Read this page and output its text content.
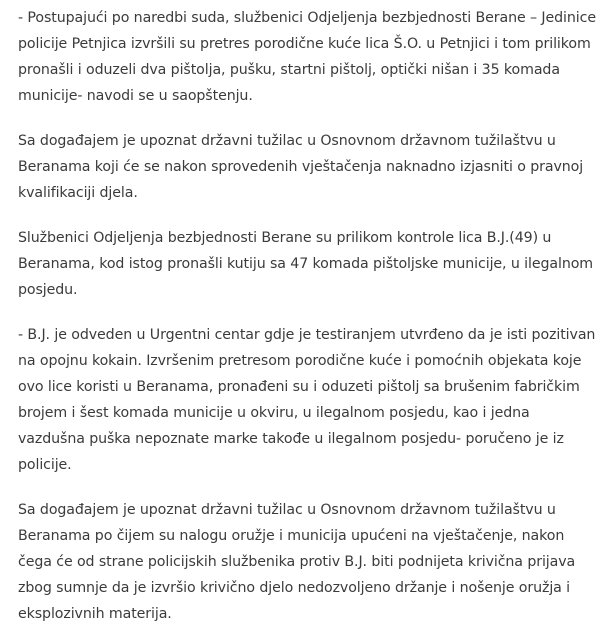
- Postupajući po naredbi suda, službenici Odjeljenja bezbjednosti Berane – Jedinice policije Petnjica izvršili su pretres porodične kuće lica Š.O. u Petnjici i tom prilikom pronašli i oduzeli dva pištolja, pušku, startni pištolj, optički nišan i 35 komada municije- navodi se u saopštenju.

Sa događajem je upoznat državni tužilac u Osnovnom državnom tužilaštvu u Beranama koji će se nakon sprovedenih vještačenja naknadno izjasniti o pravnoj kvalifikaciji djela.

Službenici Odjeljenja bezbjednosti Berane su prilikom kontrole lica B.J.(49) u Beranama, kod istog pronašli kutiju sa 47 komada pištoljske municije, u ilegalnom posjedu.

- B.J. je odveden u Urgentni centar gdje je testiranjem utvrđeno da je isti pozitivan na opojnu kokain. Izvršenim pretresom porodične kuće i pomoćnih objekata koje ovo lice koristi u Beranama, pronađeni su i oduzeti pištolj sa brušenim fabričkim brojem i šest komada municije u okviru, u ilegalnom posjedu, kao i jedna vazdušna puška nepoznate marke takođe u ilegalnom posjedu- poručeno je iz policije.

Sa događajem je upoznat državni tužilac u Osnovnom državnom tužilaštvu u Beranama po čijem su nalogu oružje i municija upućeni na vještačenje, nakon čega će od strane policijskih službenika protiv B.J. biti podnijeta krivična prijava zbog sumnje da je izvršio krivično djelo nedozvoljeno držanje i nošenje oružja i eksplozivnih materija.
